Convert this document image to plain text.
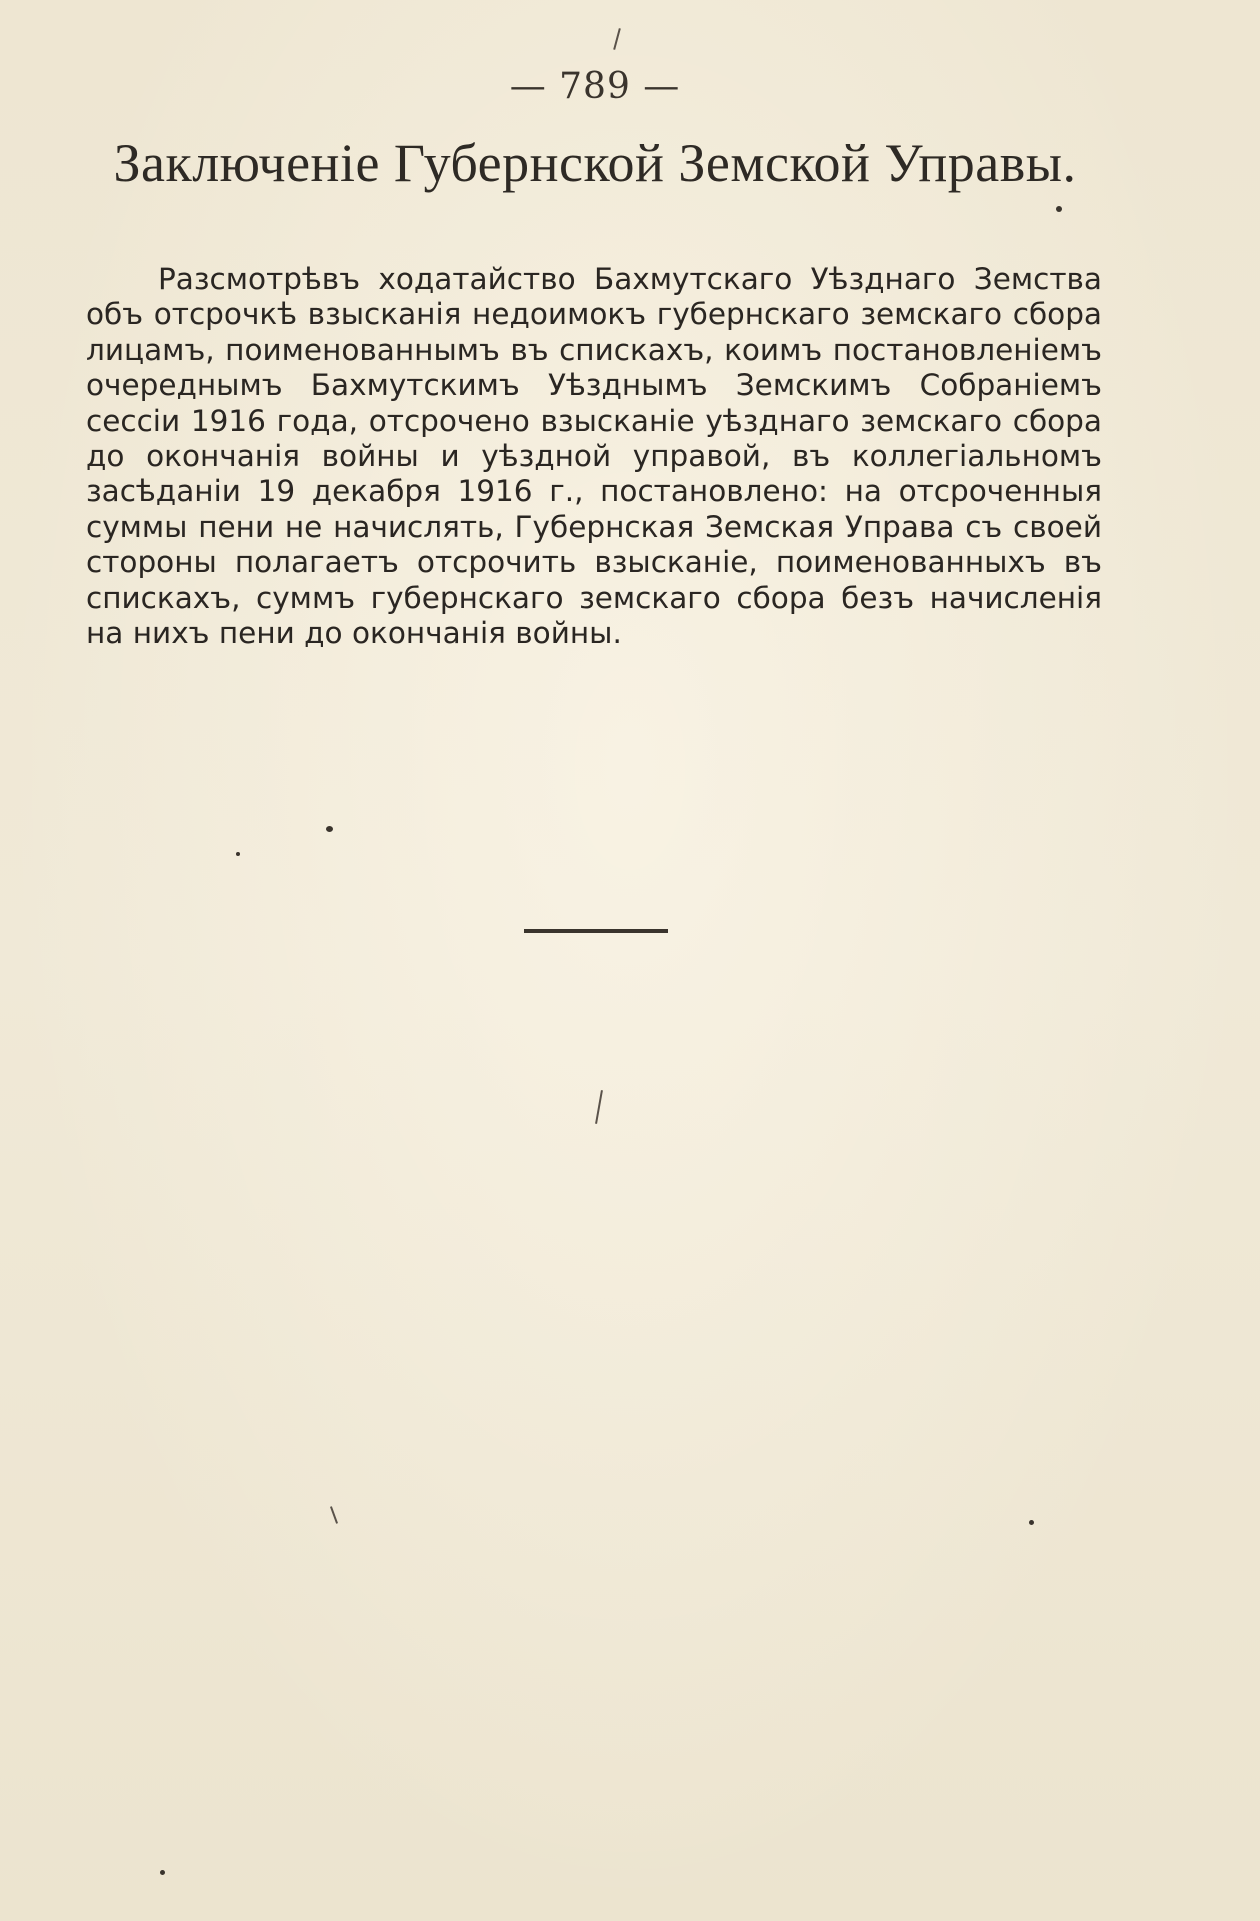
— 789 —
Заключеніе Губернской Земской Управы.

Разсмотрѣвъ ходатайство Бахмутскаго Уѣзднаго Земства объ отсрочкѣ взысканія недоимокъ губернскаго земскаго сбора лицамъ, поименованнымъ въ спискахъ, коимъ постановленіемъ очереднымъ Бахмутскимъ Уѣзднымъ Земскимъ Собраніемъ сессіи 1916 года, отсрочено взысканіе уѣзднаго земскаго сбора до окончанія войны и уѣздной управой, въ коллегіальномъ засѣданіи 19 декабря 1916 г., постановлено: на отсроченныя суммы пени не начислять, Губернская Земская Управа съ своей стороны полагаетъ отсрочить взысканіе, поименованныхъ въ спискахъ, суммъ губернскаго земскаго сбора безъ начисленія на нихъ пени до окончанія войны.
